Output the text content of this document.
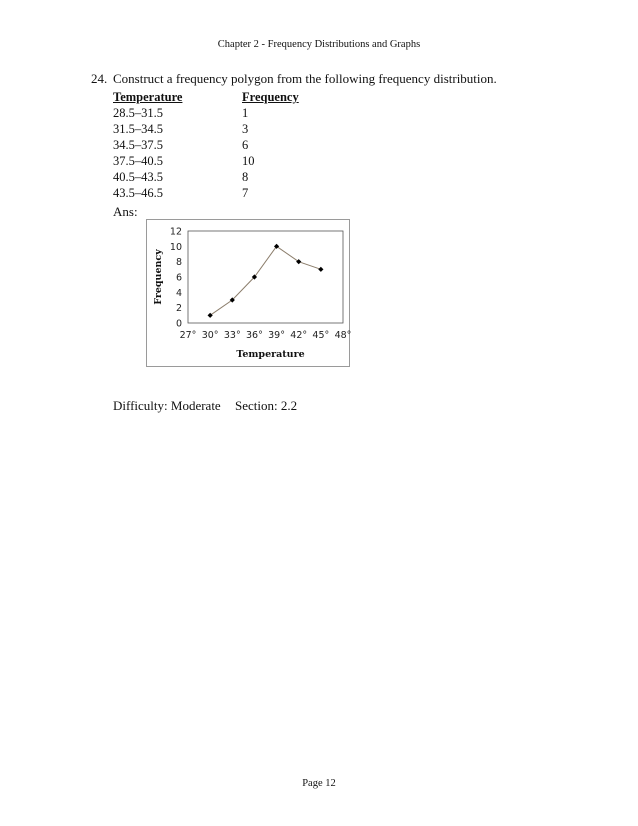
Chapter 2 - Frequency Distributions and Graphs
24. Construct a frequency polygon from the following frequency distribution.
Temperature	Frequency
28.5–31.5	1
31.5–34.5	3
34.5–37.5	6
37.5–40.5	10
40.5–43.5	8
43.5–46.5	7
Ans:
0
2
4
6
8
10
12
27° 30° 33° 36° 39° 42° 45° 48°
Temperature
Frequency
Difficulty: Moderate Section: 2.2
Page 12
